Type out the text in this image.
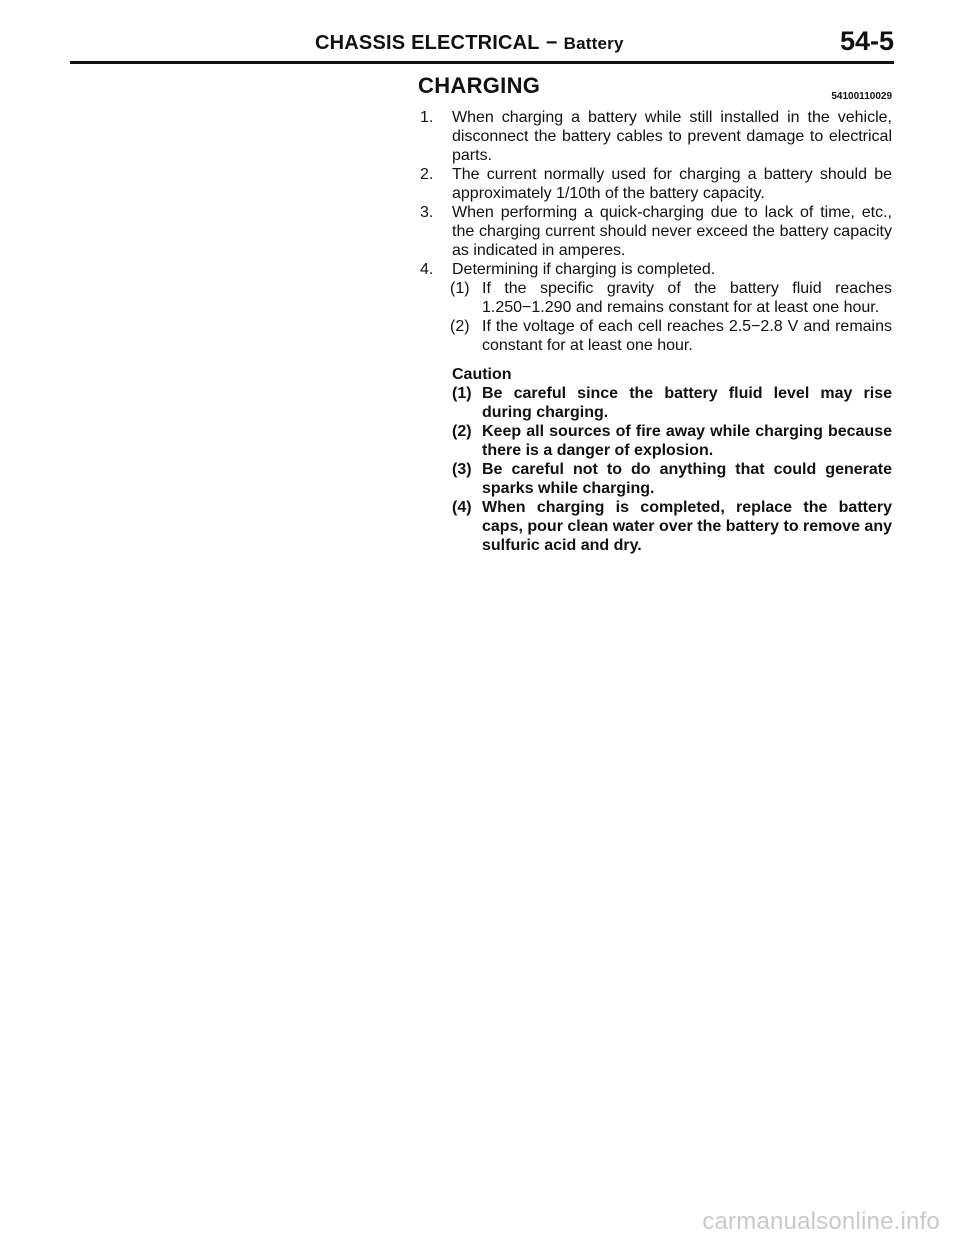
CHASSIS ELECTRICAL − Battery	54-5
CHARGING	54100110029
1. When charging a battery while still installed in the vehicle, disconnect the battery cables to prevent damage to electrical parts.
2. The current normally used for charging a battery should be approximately 1/10th of the battery capacity.
3. When performing a quick-charging due to lack of time, etc., the charging current should never exceed the battery capacity as indicated in amperes.
4. Determining if charging is completed.
(1) If the specific gravity of the battery fluid reaches 1.250−1.290 and remains constant for at least one hour.
(2) If the voltage of each cell reaches 2.5−2.8 V and remains constant for at least one hour.
Caution
(1) Be careful since the battery fluid level may rise during charging.
(2) Keep all sources of fire away while charging because there is a danger of explosion.
(3) Be careful not to do anything that could generate sparks while charging.
(4) When charging is completed, replace the battery caps, pour clean water over the battery to remove any sulfuric acid and dry.
carmanualsonline.info
